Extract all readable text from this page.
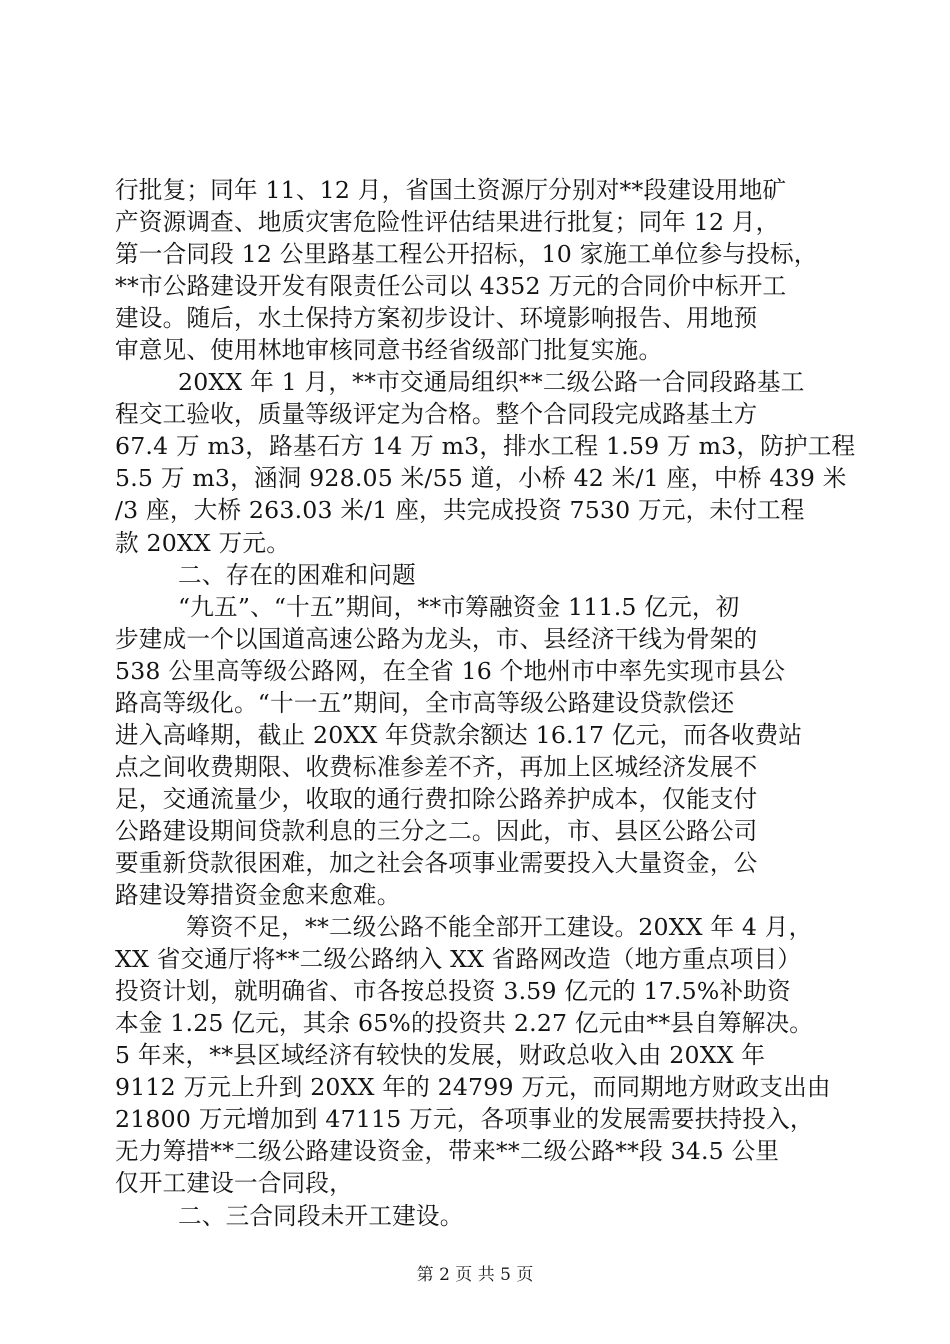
行批复；同年 11、12 月，省国土资源厅分别对**段建设用地矿
产资源调查、地质灾害危险性评估结果进行批复；同年 12 月，
第一合同段 12 公里路基工程公开招标，10 家施工单位参与投标，
**市公路建设开发有限责任公司以 4352 万元的合同价中标开工
建设。随后，水土保持方案初步设计、环境影响报告、用地预
审意见、使用林地审核同意书经省级部门批复实施。
20XX 年 1 月，**市交通局组织**二级公路一合同段路基工
程交工验收，质量等级评定为合格。整个合同段完成路基土方
67.4 万 m3，路基石方 14 万 m3，排水工程 1.59 万 m3，防护工程
5.5 万 m3，涵洞 928.05 米/55 道，小桥 42 米/1 座，中桥 439 米
/3 座，大桥 263.03 米/1 座，共完成投资 7530 万元，未付工程
款 20XX 万元。
二、存在的困难和问题
“九五”、“十五”期间，**市筹融资金 111.5 亿元，初
步建成一个以国道高速公路为龙头，市、县经济干线为骨架的
538 公里高等级公路网，在全省 16 个地州市中率先实现市县公
路高等级化。“十一五”期间，全市高等级公路建设贷款偿还
进入高峰期，截止 20XX 年贷款余额达 16.17 亿元，而各收费站
点之间收费期限、收费标准参差不齐，再加上区城经济发展不
足，交通流量少，收取的通行费扣除公路养护成本，仅能支付
公路建设期间贷款利息的三分之二。因此，市、县区公路公司
要重新贷款很困难，加之社会各项事业需要投入大量资金，公
路建设筹措资金愈来愈难。
筹资不足，**二级公路不能全部开工建设。20XX 年 4 月，
XX 省交通厅将**二级公路纳入 XX 省路网改造（地方重点项目）
投资计划，就明确省、市各按总投资 3.59 亿元的 17.5%补助资
本金 1.25 亿元，其余 65%的投资共 2.27 亿元由**县自筹解决。
5 年来，**县区域经济有较快的发展，财政总收入由 20XX 年
9112 万元上升到 20XX 年的 24799 万元，而同期地方财政支出由
21800 万元增加到 47115 万元，各项事业的发展需要扶持投入，
无力筹措**二级公路建设资金，带来**二级公路**段 34.5 公里
仅开工建设一合同段，
二、三合同段未开工建设。
第 2 页 共 5 页
